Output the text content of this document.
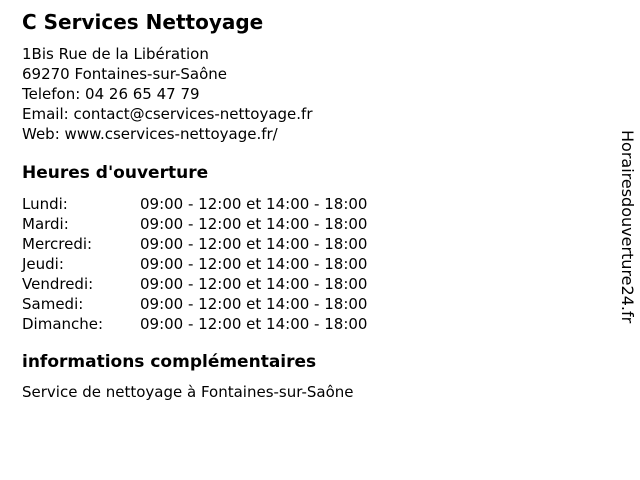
C Services Nettoyage
1Bis Rue de la Libération
69270 Fontaines-sur-Saône
Telefon: 04 26 65 47 79
Email: contact@cservices-nettoyage.fr
Web: www.cservices-nettoyage.fr/
Heures d'ouverture
Lundi:	09:00 - 12:00 et 14:00 - 18:00
Mardi:	09:00 - 12:00 et 14:00 - 18:00
Mercredi:	09:00 - 12:00 et 14:00 - 18:00
Jeudi:	09:00 - 12:00 et 14:00 - 18:00
Vendredi:	09:00 - 12:00 et 14:00 - 18:00
Samedi:	09:00 - 12:00 et 14:00 - 18:00
Dimanche: 09:00 - 12:00 et 14:00 - 18:00
informations complémentaires
Service de nettoyage à Fontaines-sur-Saône
Horairesdouverture24.fr
